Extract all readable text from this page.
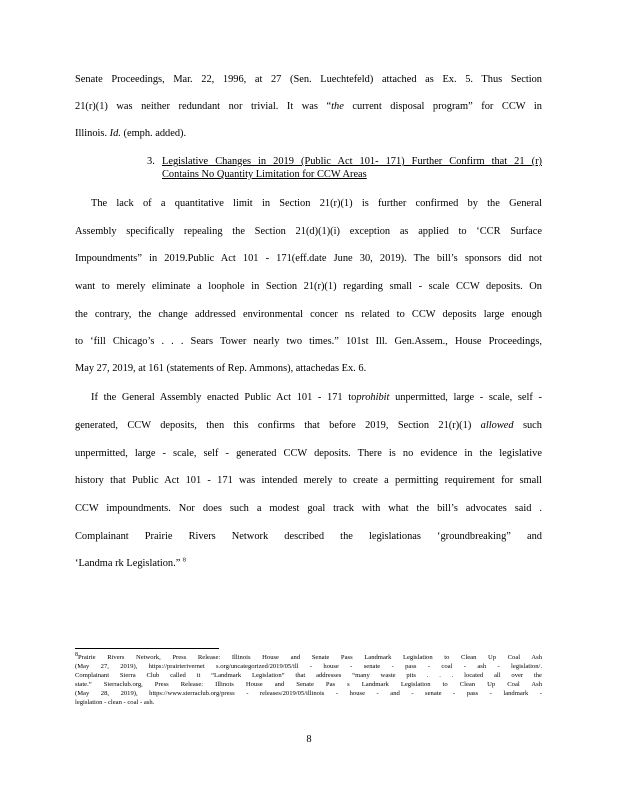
Senate Proceedings, Mar. 22, 1996, at 27 (Sen. Luechtefeld) attached as Ex. 5. Thus Section
21(r)(1) was neither redundant nor trivial. It was “the current disposal program” for CCW in
Illinois. Id. (emph. added).
3. Legislative Changes in 2019 (Public Act 101- 171) Further Confirm that 21 (r)
Contains No Quantity Limitation for CCW Areas
The lack of a quantitative limit in Section 21(r)(1) is further confirmed by the General
Assembly specifically repealing the Section 21(d)(1)(i) exception as applied to ‘CCR Surface
Impoundments” in 2019.Public Act 101 - 171(eff.date June 30, 2019). The bill’s sponsors did not
want to merely eliminate a loophole in Section 21(r)(1) regarding small - scale CCW deposits. On
the contrary, the change addressed environmental concer ns related to CCW deposits large enough
to ‘fill Chicago’s . . . Sears Tower nearly two times.” 101st Ill. Gen.Assem., House Proceedings,
May 27, 2019, at 161 (statements of Rep. Ammons), attachedas Ex. 6.
If the General Assembly enacted Public Act 101 - 171 toprohibit unpermitted, large - scale, self -
generated, CCW deposits, then this confirms that before 2019, Section 21(r)(1) allowed such
unpermitted, large - scale, self - generated CCW deposits. There is no evidence in the legislative
history that Public Act 101 - 171 was intended merely to create a permitting requirement for small
CCW impoundments. Nor does such a modest goal track with what the bill’s advocates said .
Complainant Prairie Rivers Network described the legislationas ‘groundbreaking” and
‘Landma rk Legislation.” $^8$
$^8$Prairie Rivers Network, Press Release: Illinois House and Senate Pass Landmark Legislation to Clean Up Coal Ash
(May 27, 2019), https://prairierivernet s.org/uncategorized/2019/05/ill - house - senate - pass - coal - ash - legislation/.
Complainant Sierra Club called it “Landmark Legislation” that addresses “many waste pits . . . located all over the
state.” Sierraclub.org, Press Release: Illinois House and Senate Pas s Landmark Legislation to Clean Up Coal Ash
(May 28, 2019), https://www.sierraclub.org/press - releases/2019/05/illinois - house - and - senate - pass - landmark -
legislation - clean - coal - ash.
8
